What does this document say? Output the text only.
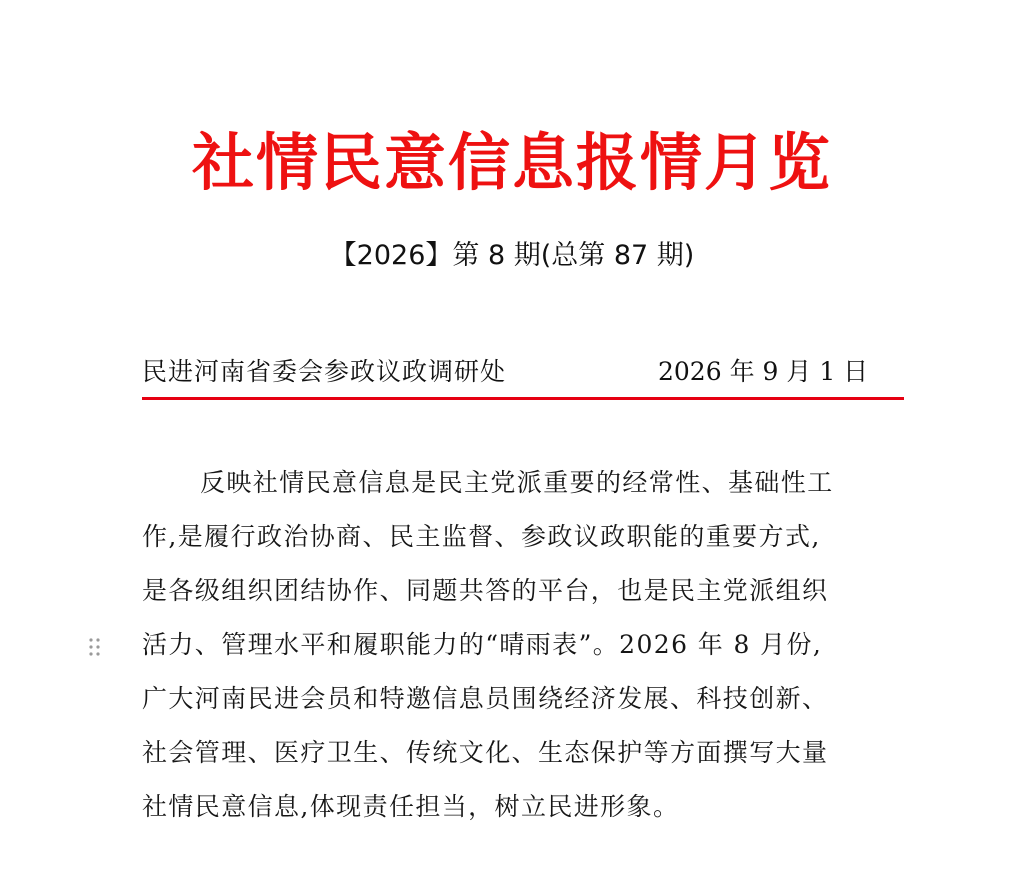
社情民意信息报情月览
【2026】第 8 期(总第 87 期)
民进河南省委会参政议政调研处	2026 年 9 月 1 日
反映社情民意信息是民主党派重要的经常性、基础性工
作,是履行政治协商、民主监督、参政议政职能的重要方式,
是各级组织团结协作、同题共答的平台，也是民主党派组织
活力、管理水平和履职能力的“晴雨表”。2026 年 8 月份,
广大河南民进会员和特邀信息员围绕经济发展、科技创新、
社会管理、医疗卫生、传统文化、生态保护等方面撰写大量
社情民意信息,体现责任担当，树立民进形象。
